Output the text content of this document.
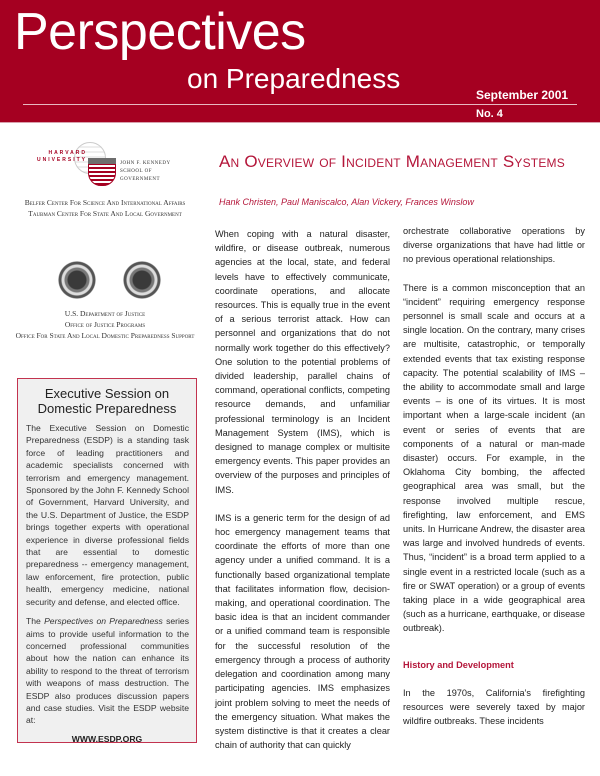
Perspectives
on Preparedness
September 2001
No. 4
HARVARD UNIVERSITY
JOHN F. KENNEDY
SCHOOL OF GOVERNMENT

Belfer Center For Science And International Affairs

Taubman Center For State And Local Government

U.S. Department of Justice

Office of Justice Programs

Office For State And Local Domestic Preparedness Support

Executive Session on
Domestic Preparedness

The Executive Session on Domestic Preparedness (ESDP) is a standing task force of leading practitioners and academic specialists concerned with terrorism and emergency management. Sponsored by the John F. Kennedy School of Government, Harvard University, and the U.S. Department of Justice, the ESDP brings together experts with operational experience in diverse professional fields that are essential to domestic preparedness -- emergency management, law enforcement, fire protection, public health, emergency medicine, national security and defense, and elected office.

The Perspectives on Preparedness series aims to provide useful information to the concerned professional communities about how the nation can enhance its ability to respond to the threat of terrorism with weapons of mass destruction. The ESDP also produces discussion papers and case studies. Visit the ESDP website at:

WWW.ESDP.ORG
An Overview of Incident Management Systems
Hank Christen, Paul Maniscalco, Alan Vickery, Frances Winslow

When coping with a natural disaster, wildfire, or disease outbreak, numerous agencies at the local, state, and federal levels have to effectively communicate, coordinate operations, and allocate resources. This is equally true in the event of a serious terrorist attack. How can personnel and organizations that do not normally work together do this effectively? One solution to the potential problems of divided leadership, parallel chains of command, operational conflicts, competing resource demands, and unfamiliar professional terminology is an Incident Management System (IMS), which is designed to manage complex or multisite emergency events. This paper provides an overview of the purposes and principles of IMS.

IMS is a generic term for the design of ad hoc emergency management teams that coordinate the efforts of more than one agency under a unified command. It is a functionally based organizational template that facilitates information flow, decision-making, and operational coordination. The basic idea is that an incident commander or a unified command team is responsible for the successful resolution of the emergency through a process of authority delegation and coordination among many participating agencies. IMS emphasizes joint problem solving to meet the needs of the emergency situation. What makes the system distinctive is that it creates a clear chain of authority that can quickly

orchestrate collaborative operations by diverse organizations that have had little or no previous operational relationships.

There is a common misconception that an “incident” requiring emergency response personnel is small scale and occurs at a single location. On the contrary, many crises are multisite, catastrophic, or temporally extended events that tax existing response capacity. The potential scalability of IMS – the ability to accommodate small and large events – is one of its virtues. It is most important when a large-scale incident (an event or series of events that are components of a natural or man-made disaster) occurs. For example, in the Oklahoma City bombing, the affected geographical area was small, but the response involved multiple rescue, firefighting, law enforcement, and EMS units. In Hurricane Andrew, the disaster area was large and involved hundreds of events. Thus, “incident” is a broad term applied to a single event in a restricted locale (such as a fire or SWAT operation) or a group of events taking place in a wide geographical area (such as a hurricane, earthquake, or disease outbreak).

History and Development

In the 1970s, California’s firefighting resources were severely taxed by major wildfire outbreaks. These incidents
